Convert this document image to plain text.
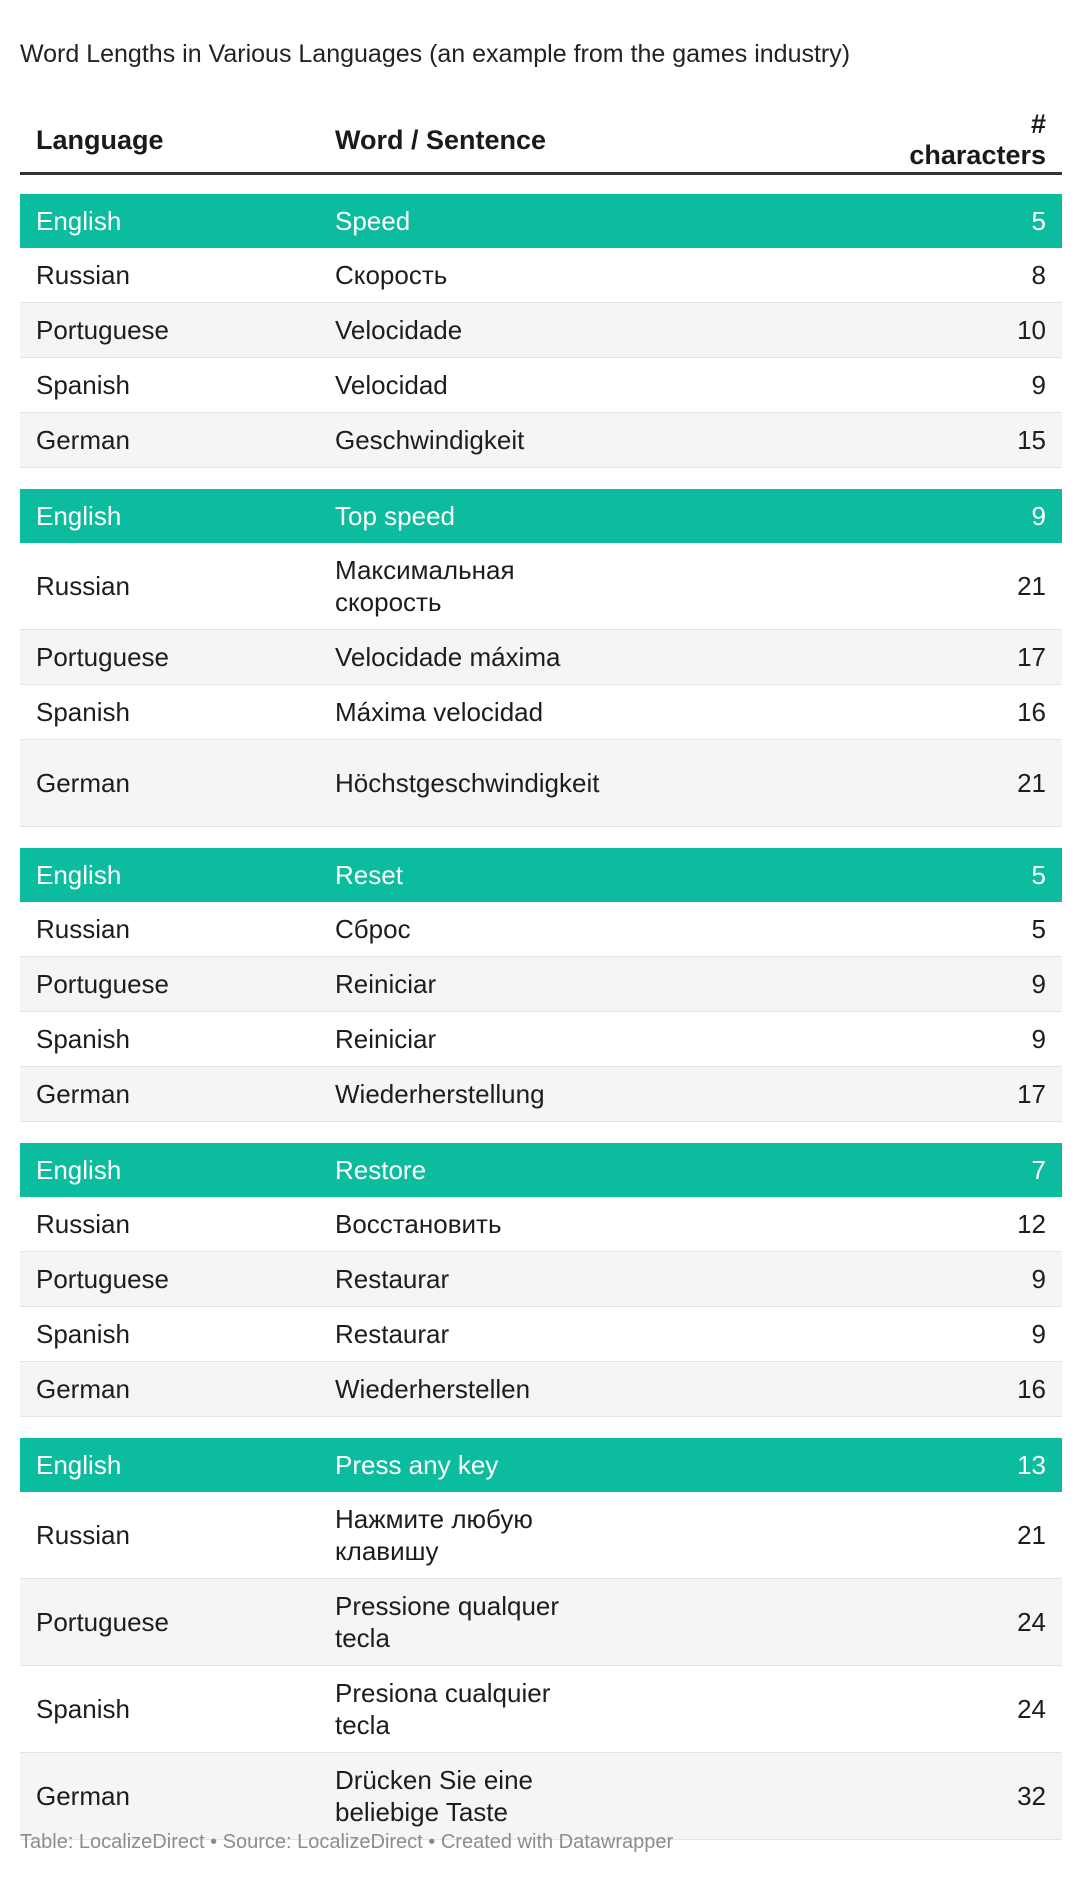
Word Lengths in Various Languages (an example from the games industry)
Language	Word / Sentence	# characters

English	Speed	5
Russian	Скорость	8
Portuguese	Velocidade	10
Spanish	Velocidad	9
German	Geschwindigkeit	15

English	Top speed	9
Russian	Максимальная скорость	21
Portuguese	Velocidade máxima	17
Spanish	Máxima velocidad	16
German	Höchstgeschwindigkeit	21

English	Reset	5
Russian	Сброс	5
Portuguese	Reiniciar	9
Spanish	Reiniciar	9
German	Wiederherstellung	17

English	Restore	7
Russian	Восстановить	12
Portuguese	Restaurar	9
Spanish	Restaurar	9
German	Wiederherstellen	16

English	Press any key	13
Russian	Нажмите любую клавишу	21
Portuguese	Pressione qualquer tecla	24
Spanish	Presiona cualquier tecla	24
German	Drücken Sie eine beliebige Taste	32
Table: LocalizeDirect • Source: LocalizeDirect • Created with Datawrapper
